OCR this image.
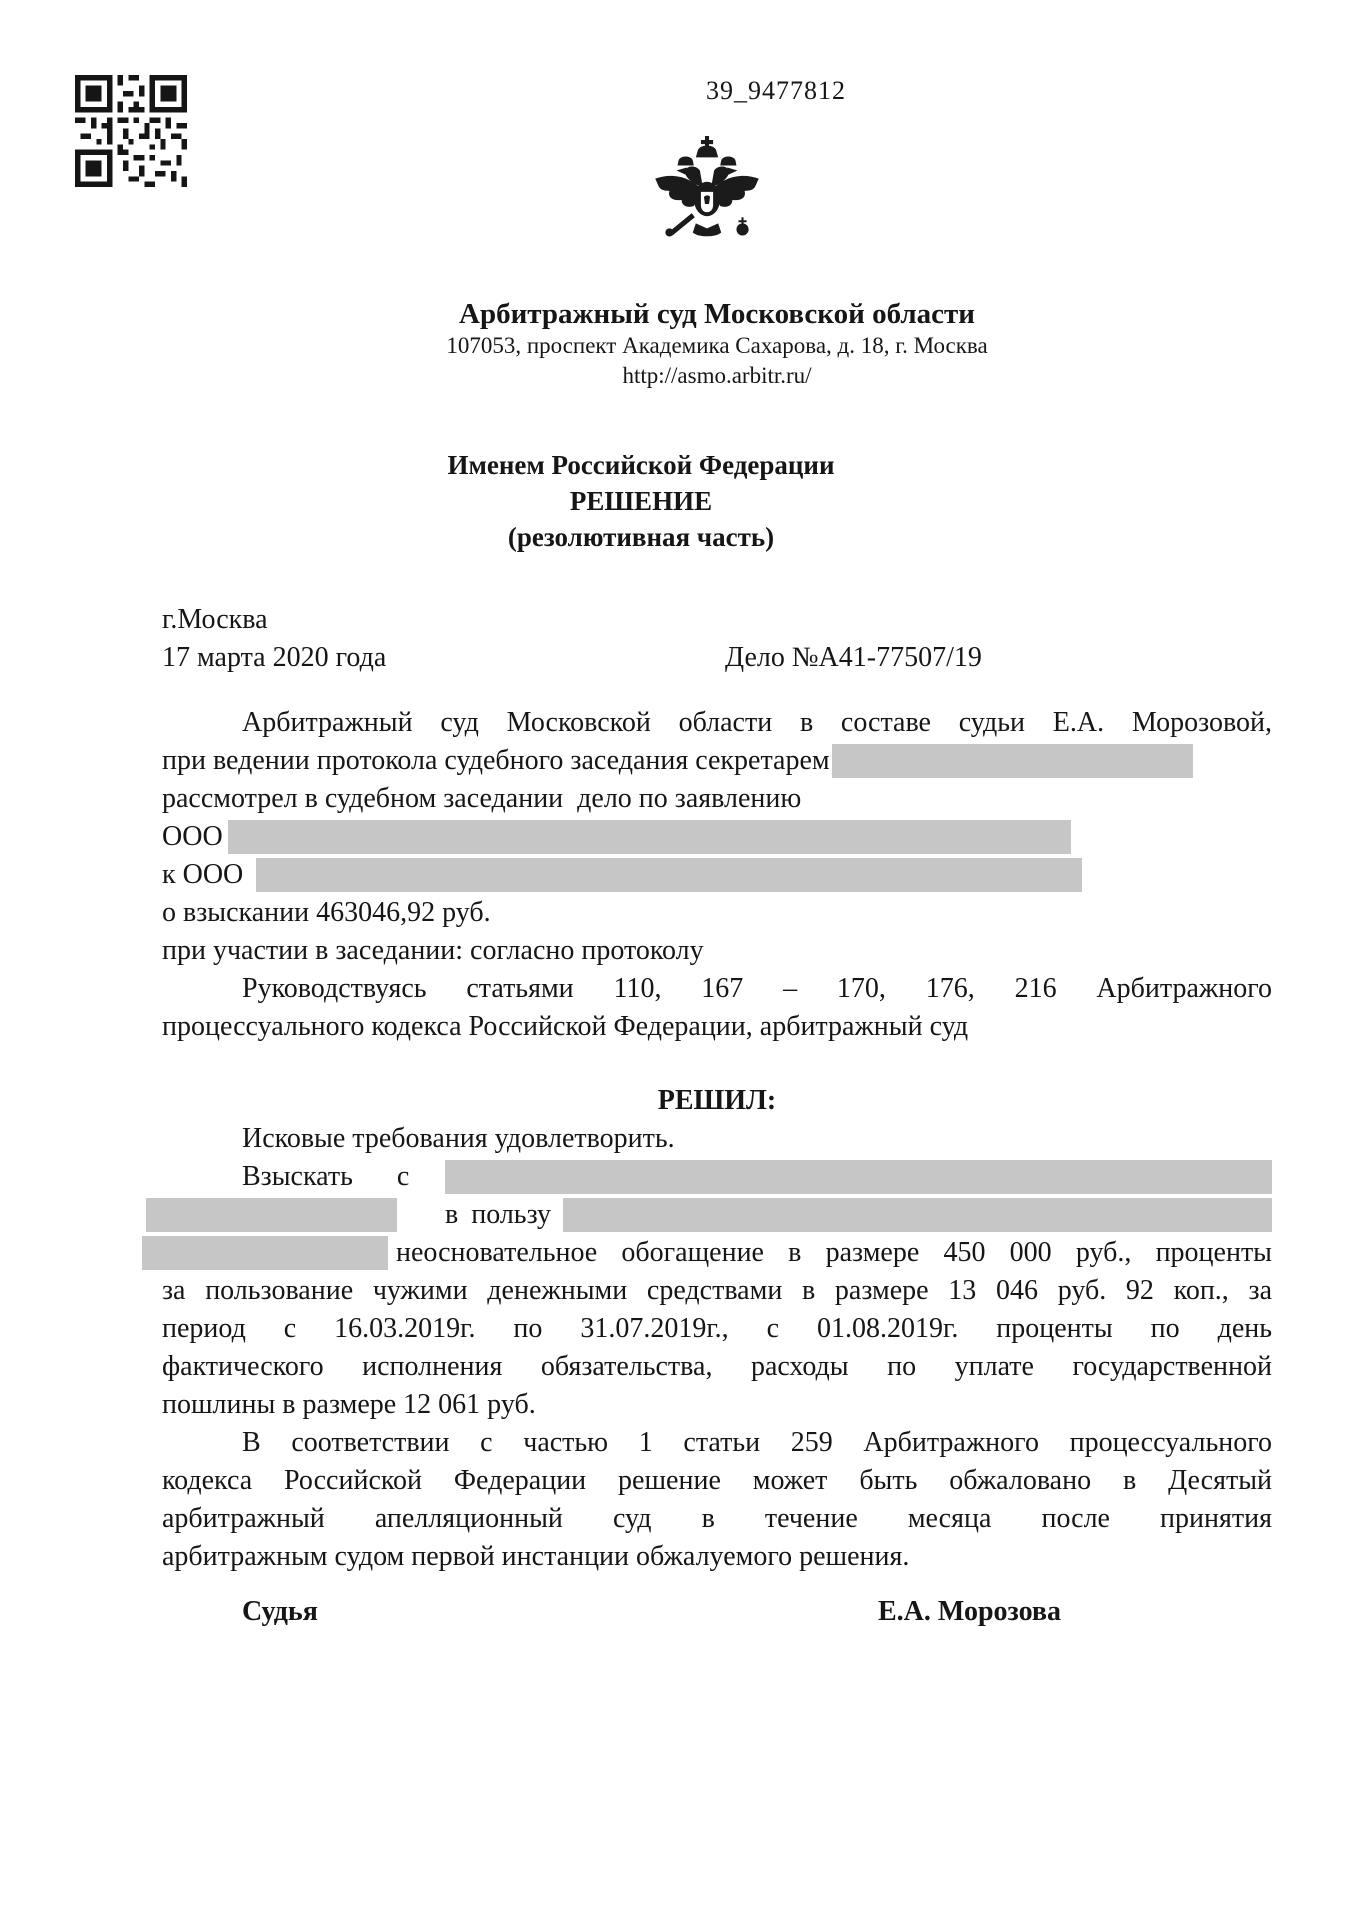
39_9477812
Арбитражный суд Московской области
107053, проспект Академика Сахарова, д. 18, г. Москва
http://asmo.arbitr.ru/
Именем Российской Федерации
РЕШЕНИЕ
(резолютивная часть)
г.Москва
17 марта 2020 года	Дело №А41-77507/19
Арбитражный суд Московской области в составе судьи Е.А. Морозовой,
при ведении протокола судебного заседания секретарем
рассмотрел в судебном заседании  дело по заявлению
ООО
к ООО
о взыскании 463046,92 руб.
при участии в заседании: согласно протоколу
Руководствуясь статьями 110, 167 – 170, 176, 216 Арбитражного
процессуального кодекса Российской Федерации, арбитражный суд
РЕШИЛ:
Исковые требования удовлетворить.
Взыскать с
в пользу
неосновательное обогащение в размере 450 000 руб., проценты
за пользование чужими денежными средствами в размере 13 046 руб. 92 коп., за
период с 16.03.2019г. по 31.07.2019г., с 01.08.2019г. проценты по день
фактического исполнения обязательства, расходы по уплате государственной
пошлины в размере 12 061 руб.
В соответствии с частью 1 статьи 259 Арбитражного процессуального
кодекса Российской Федерации решение может быть обжаловано в Десятый
арбитражный апелляционный суд в течение месяца после принятия
арбитражным судом первой инстанции обжалуемого решения.
Судья	Е.А. Морозова
